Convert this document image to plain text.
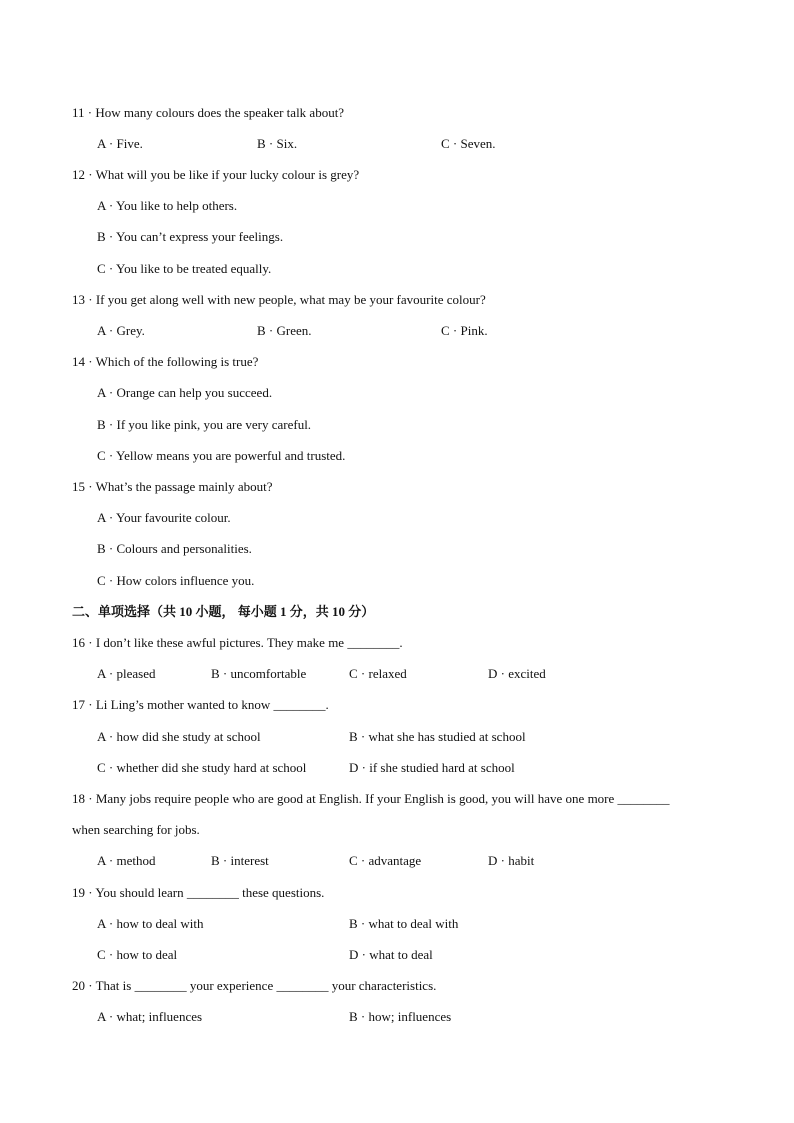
11 · How many colours does the speaker talk about?
A · Five.	B · Six.	C · Seven.
12 · What will you be like if your lucky colour is grey?
A · You like to help others.
B · You can’t express your feelings.
C · You like to be treated equally.
13 · If you get along well with new people, what may be your favourite colour?
A · Grey.	B · Green.	C · Pink.
14 · Which of the following is true?
A · Orange can help you succeed.
B · If you like pink, you are very careful.
C · Yellow means you are powerful and trusted.
15 · What’s the passage mainly about?
A · Your favourite colour.
B · Colours and personalities.
C · How colors influence you.
二、单项选择（共 10 小题， 每小题 1 分，共 10 分）
16 · I don’t like these awful pictures. They make me ________.
A · pleased	B · uncomfortable	C · relaxed	D · excited
17 · Li Ling’s mother wanted to know ________.
A · how did she study at school	B · what she has studied at school
C · whether did she study hard at school	D · if she studied hard at school
18 · Many jobs require people who are good at English. If your English is good, you will have one more ________
when searching for jobs.
A · method	B · interest	C · advantage	D · habit
19 · You should learn ________ these questions.
A · how to deal with	B · what to deal with
C · how to deal	D · what to deal
20 · That is ________ your experience ________ your characteristics.
A · what; influences	B · how; influences
